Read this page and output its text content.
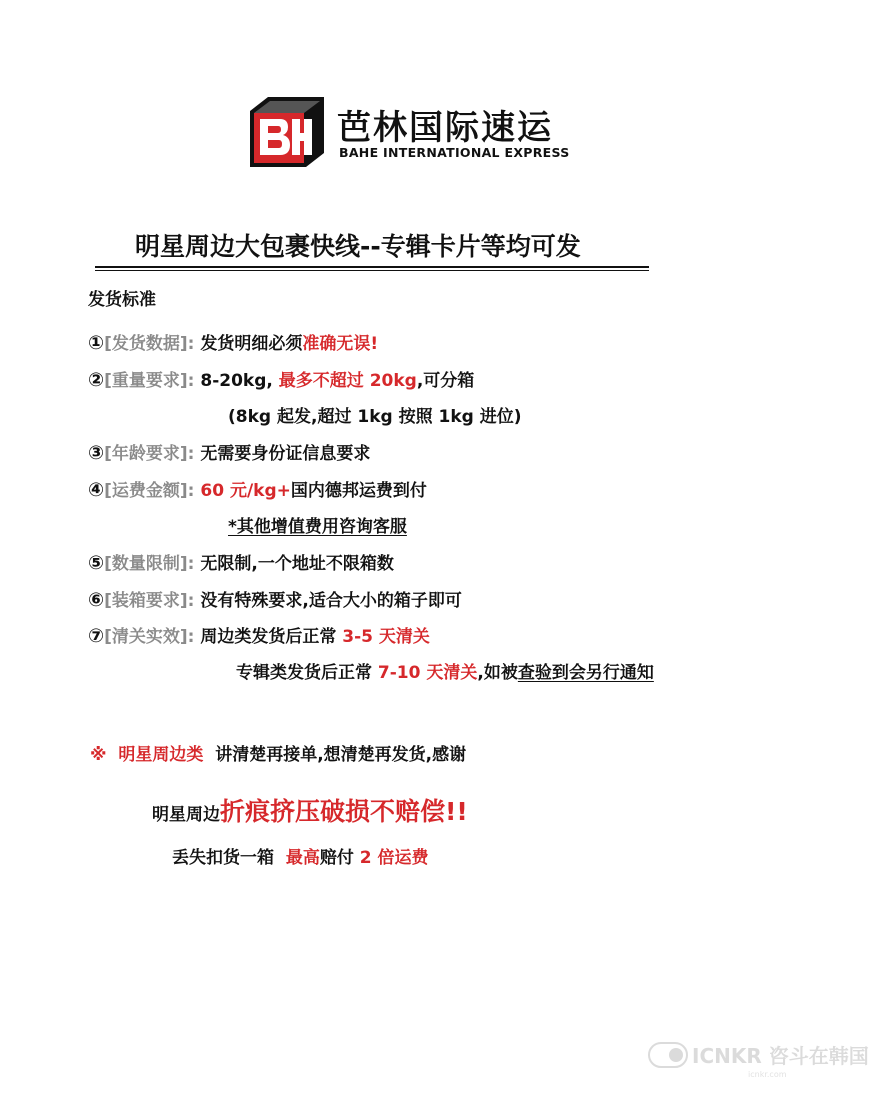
芭林国际速运
BAHE INTERNATIONAL EXPRESS
明星周边大包裹快线--专辑卡片等均可发
发货标准
①[发货数据]: 发货明细必须准确无误!
②[重量要求]: 8-20kg, 最多不超过 20kg,可分箱
(8kg 起发,超过 1kg 按照 1kg 进位)
③[年龄要求]: 无需要身份证信息要求
④[运费金额]: 60 元/kg+国内德邦运费到付
*其他增值费用咨询客服
⑤[数量限制]: 无限制,一个地址不限箱数
⑥[装箱要求]: 没有特殊要求,适合大小的箱子即可
⑦[清关实效]: 周边类发货后正常 3-5 天清关
专辑类发货后正常 7-10 天清关,如被查验到会另行通知
※ 明星周边类 讲清楚再接单,想清楚再发货,感谢
明星周边折痕挤压破损不赔偿!!
丢失扣货一箱 最高赔付 2 倍运费
ICNKR 咨斗在韩国
icnkr.com
